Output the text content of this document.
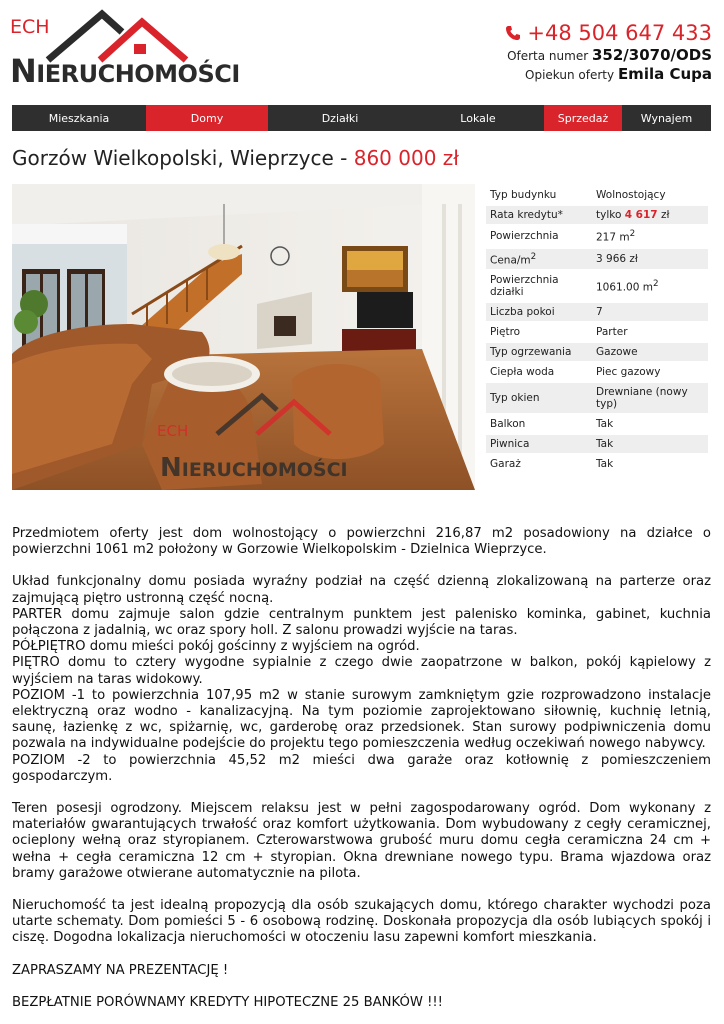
ECH
NIERUCHOMOŚCI
+48 504 647 433
Oferta numer 352/3070/ODS
Opiekun oferty Emila Cupa
Mieszkania	Domy	Działki	Lokale	Sprzedaż	Wynajem
Gorzów Wielkopolski, Wieprzyce - 860 000 zł
ECH
NIERUCHOMOŚCI
Typ budynku	Wolnostojący
Rata kredytu*	tylko 4 617 zł
Powierzchnia	217 $m^2$
Cena/$m^2$	3 966 zł
Powierzchnia działki	1061.00 $m^2$
Liczba pokoi	7
Piętro	Parter
Typ ogrzewania	Gazowe
Ciepła woda	Piec gazowy
Typ okien	Drewniane (nowy typ)
Balkon	Tak
Piwnica	Tak
Garaż	Tak

Przedmiotem oferty jest dom wolnostojący o powierzchni 216,87 m2 posadowiony na działce o powierzchni 1061 m2 położony w Gorzowie Wielkopolskim - Dzielnica Wieprzyce.

Układ funkcjonalny domu posiada wyraźny podział na część dzienną zlokalizowaną na parterze oraz zajmującą piętro ustronną część nocną.

PARTER domu zajmuje salon gdzie centralnym punktem jest palenisko kominka, gabinet, kuchnia połączona z jadalnią, wc oraz spory holl. Z salonu prowadzi wyjście na taras.

PÓŁPIĘTRO domu mieści pokój gościnny z wyjściem na ogród.

PIĘTRO domu to cztery wygodne sypialnie z czego dwie zaopatrzone w balkon, pokój kąpielowy z wyjściem na taras widokowy.

POZIOM -1 to powierzchnia 107,95 m2 w stanie surowym zamkniętym gzie rozprowadzono instalacje elektryczną oraz wodno - kanalizacyjną. Na tym poziomie zaprojektowano siłownię, kuchnię letnią, saunę, łazienkę z wc, spiżarnię, wc, garderobę oraz przedsionek. Stan surowy podpiwniczenia domu pozwala na indywidualne podejście do projektu tego pomieszczenia według oczekiwań nowego nabywcy.

POZIOM -2 to powierzchnia 45,52 m2 mieści dwa garaże oraz kotłownię z pomieszczeniem gospodarczym.

Teren posesji ogrodzony. Miejscem relaksu jest w pełni zagospodarowany ogród. Dom wykonany z materiałów gwarantujących trwałość oraz komfort użytkowania. Dom wybudowany z cegły ceramicznej, ocieplony wełną oraz styropianem. Czterowarstwowa grubość muru domu cegła ceramiczna 24 cm + wełna + cegła ceramiczna 12 cm + styropian. Okna drewniane nowego typu. Brama wjazdowa oraz bramy garażowe otwierane automatycznie na pilota.

Nieruchomość ta jest idealną propozycją dla osób szukających domu, którego charakter wychodzi poza utarte schematy. Dom pomieści 5 - 6 osobową rodzinę. Doskonała propozycja dla osób lubiących spokój i ciszę. Dogodna lokalizacja nieruchomości w otoczeniu lasu zapewni komfort mieszkania.

ZAPRASZAMY NA PREZENTACJĘ !

BEZPŁATNIE PORÓWNAMY KREDYTY HIPOTECZNE 25 BANKÓW !!!
